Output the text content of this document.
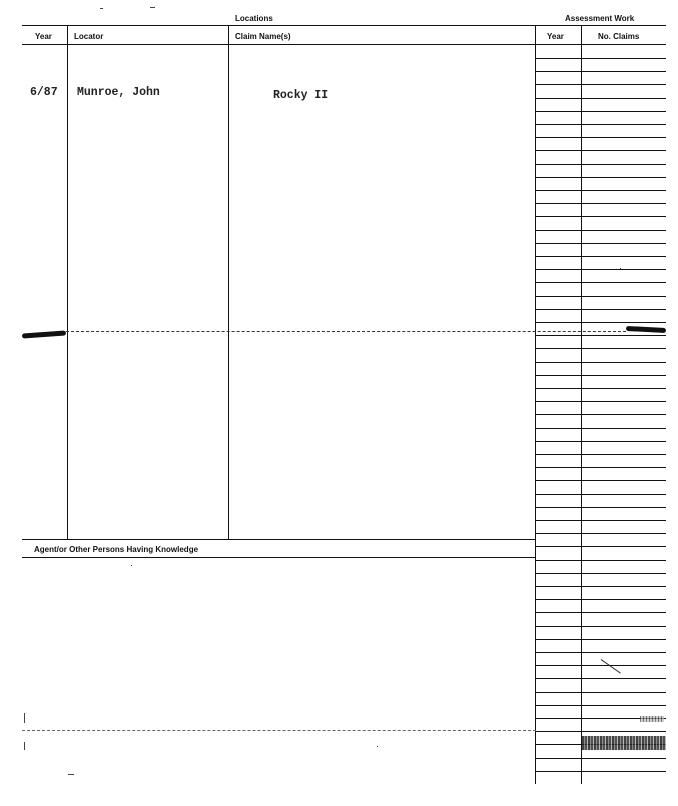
Locations	Assessment Work
Year	Locator	Claim Name(s)	Year	No. Claims
Agent/or Other Persons Having Knowledge
6/87 Munroe, John	Rocky II
